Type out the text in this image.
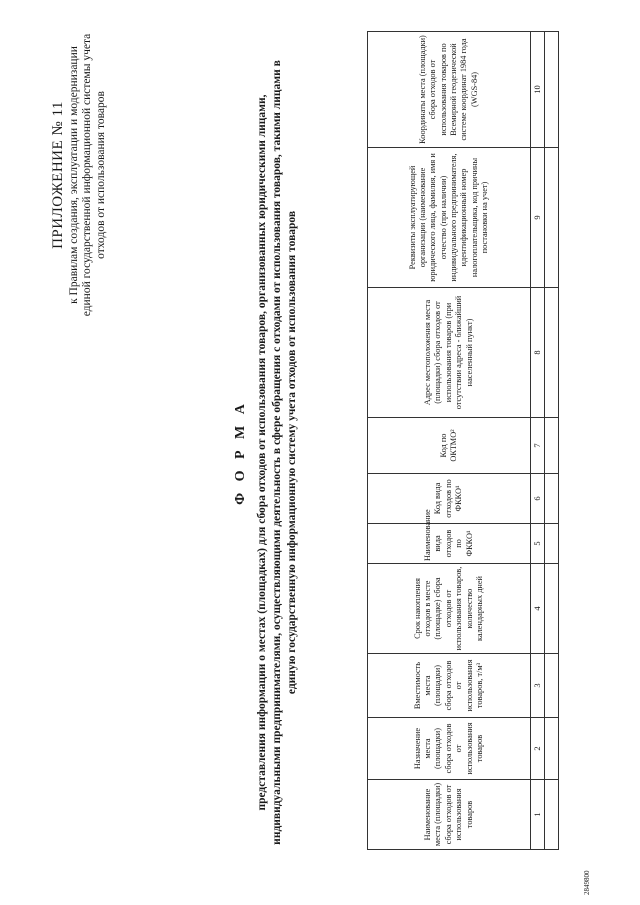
ПРИЛОЖЕНИЕ № 11 к Правилам создания, эксплуатации и модернизации единой государственной информационной системы учета отходов от использования товаров
Ф О Р М А представления информации о местах (площадках) для сбора отходов от использования товаров, организованных юридическими лицами, индивидуальными предпринимателями, осуществляющими деятельность в сфере обращения с отходами от использования товаров, такими лицами в единую государственную информационную систему учета отходов от использования товаров
Наименование места (площадки) сбора отходов от использования товаров	Назначение места (площадки) сбора отходов от использования товаров	Вместимость места (площадки) сбора отходов от использования товаров, т/м³	Срок накопления отходов в месте (площадке) сбора отходов от использования товаров, количество календарных дней	Наименование вида отходов по ФККО¹	Код вида отходов по ФККО¹	Код по ОКТМО²	Адрес местоположения места (площадки) сбора отходов от использования товаров (при отсутствии адреса - ближайший населенный пункт)	Реквизиты эксплуатирующей организации (наименование юридического лица, фамилия, имя и отчество (при наличии) индивидуального предпринимателя, идентификационный номер налогоплательщика, код причины постановки на учет)	Координаты места (площадки) сбора отходов от использования товаров по Всемирной геодезической системе координат 1984 года (WGS-84)
1	2	3	4	5	6	7	8	9	10

2849800
